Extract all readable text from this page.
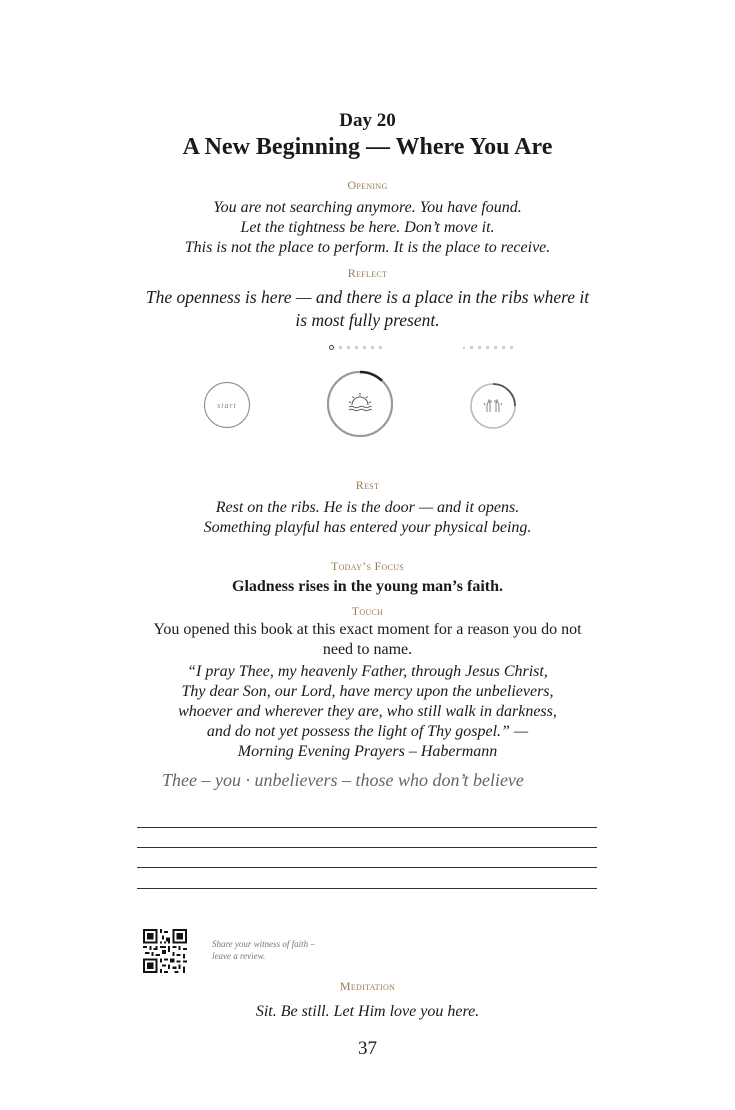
Day 20
A New Beginning — Where You Are
Opening
You are not searching anymore. You have found.
Let the tightness be here. Don’t move it.
This is not the place to perform. It is the place to receive.
Reflect
The openness is here — and there is a place in the ribs where it
is most fully present.
start
Rest
Rest on the ribs. He is the door — and it opens.
Something playful has entered your physical being.
Today’s Focus
Gladness rises in the young man’s faith.
Touch
You opened this book at this exact moment for a reason you do not
need to name.
“I pray Thee, my heavenly Father, through Jesus Christ,
Thy dear Son, our Lord, have mercy upon the unbelievers,
whoever and wherever they are, who still walk in darkness,
and do not yet possess the light of Thy gospel.” —
Morning Evening Prayers – Habermann
Thee – you · unbelievers – those who don’t believe
Share your witness of faith –
leave a review.
Meditation
Sit. Be still. Let Him love you here.
37
